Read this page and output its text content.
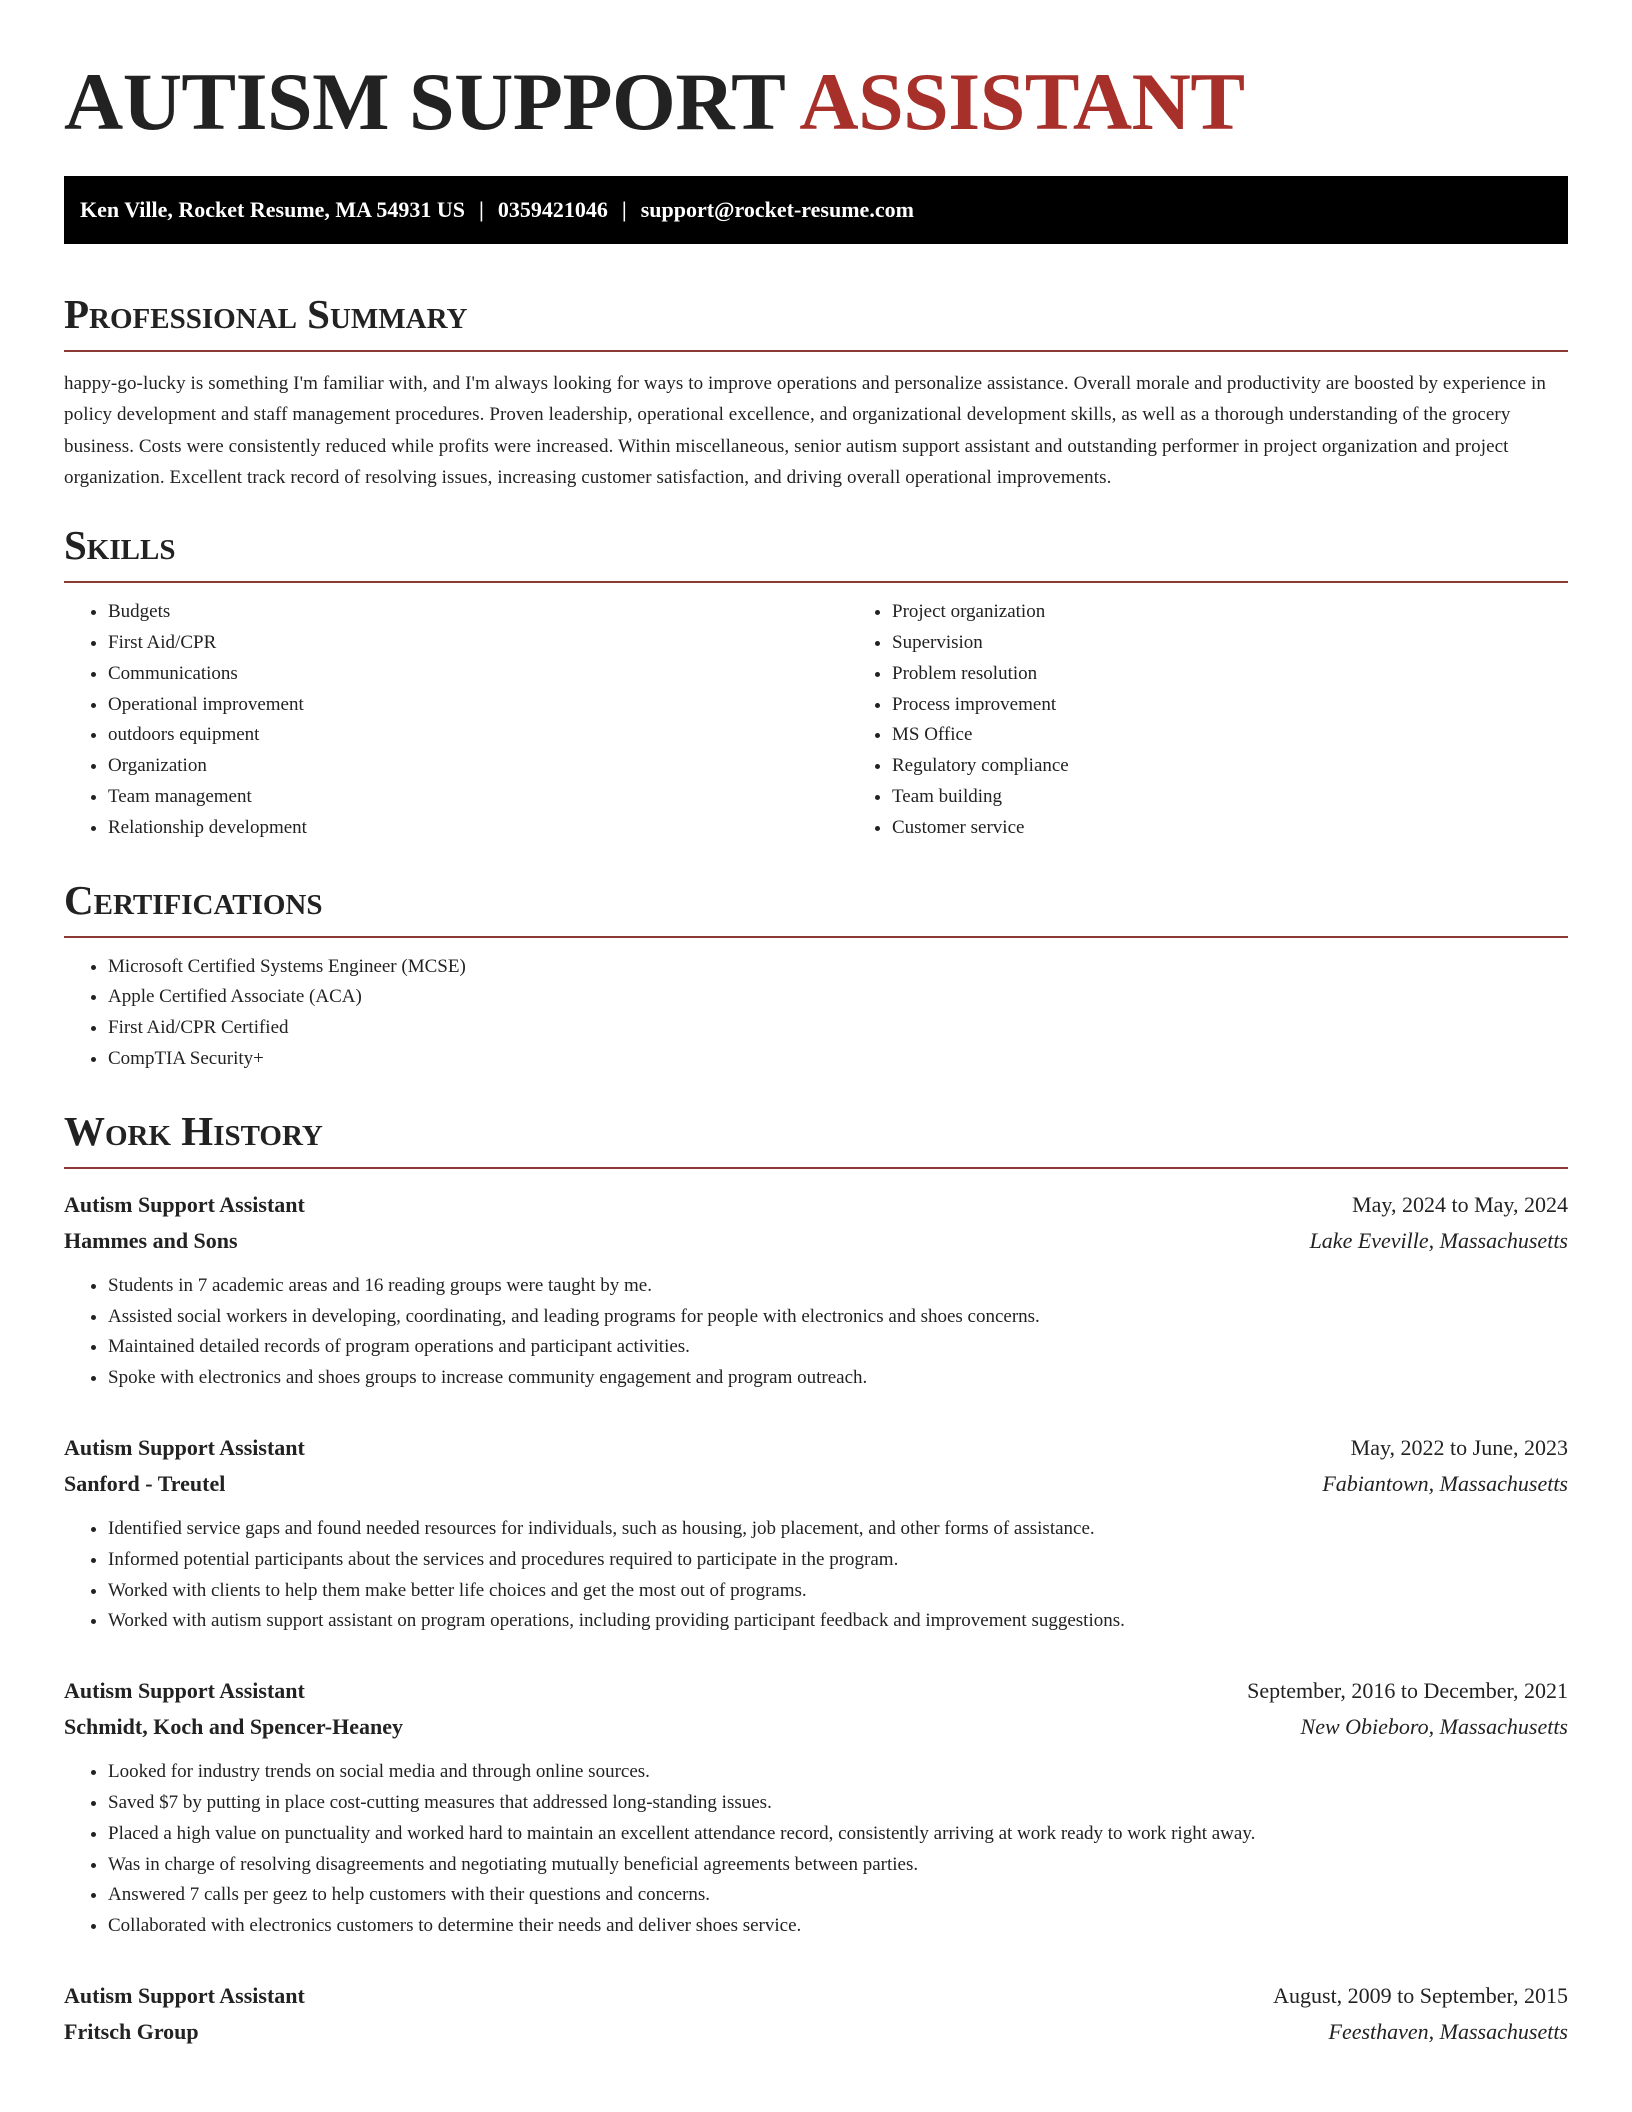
AUTISM SUPPORT ASSISTANT
Ken Ville, Rocket Resume, MA 54931 US | 0359421046 | support@rocket-resume.com
Professional Summary

happy-go-lucky is something I'm familiar with, and I'm always looking for ways to improve operations and personalize assistance. Overall morale and productivity are boosted by experience in policy development and staff management procedures. Proven leadership, operational excellence, and organizational development skills, as well as a thorough understanding of the grocery business. Costs were consistently reduced while profits were increased. Within miscellaneous, senior autism support assistant and outstanding performer in project organization and project organization. Excellent track record of resolving issues, increasing customer satisfaction, and driving overall operational improvements.

Skills
• Budgets
• First Aid/CPR
• Communications
• Operational improvement
• outdoors equipment
• Organization
• Team management
• Relationship development
• Project organization
• Supervision
• Problem resolution
• Process improvement
• MS Office
• Regulatory compliance
• Team building
• Customer service
Certifications
• Microsoft Certified Systems Engineer (MCSE)
• Apple Certified Associate (ACA)
• First Aid/CPR Certified
• CompTIA Security+
Work History
Autism Support Assistant	May, 2024 to May, 2024
Hammes and Sons	Lake Eveville, Massachusetts
• Students in 7 academic areas and 16 reading groups were taught by me.
• Assisted social workers in developing, coordinating, and leading programs for people with electronics and shoes concerns.
• Maintained detailed records of program operations and participant activities.
• Spoke with electronics and shoes groups to increase community engagement and program outreach.
Autism Support Assistant	May, 2022 to June, 2023
Sanford - Treutel	Fabiantown, Massachusetts
• Identified service gaps and found needed resources for individuals, such as housing, job placement, and other forms of assistance.
• Informed potential participants about the services and procedures required to participate in the program.
• Worked with clients to help them make better life choices and get the most out of programs.
• Worked with autism support assistant on program operations, including providing participant feedback and improvement suggestions.
Autism Support Assistant	September, 2016 to December, 2021
Schmidt, Koch and Spencer-Heaney	New Obieboro, Massachusetts
• Looked for industry trends on social media and through online sources.
• Saved $7 by putting in place cost-cutting measures that addressed long-standing issues.
• Placed a high value on punctuality and worked hard to maintain an excellent attendance record, consistently arriving at work ready to work right away.
• Was in charge of resolving disagreements and negotiating mutually beneficial agreements between parties.
• Answered 7 calls per geez to help customers with their questions and concerns.
• Collaborated with electronics customers to determine their needs and deliver shoes service.
Autism Support Assistant	August, 2009 to September, 2015
Fritsch Group	Feesthaven, Massachusetts
